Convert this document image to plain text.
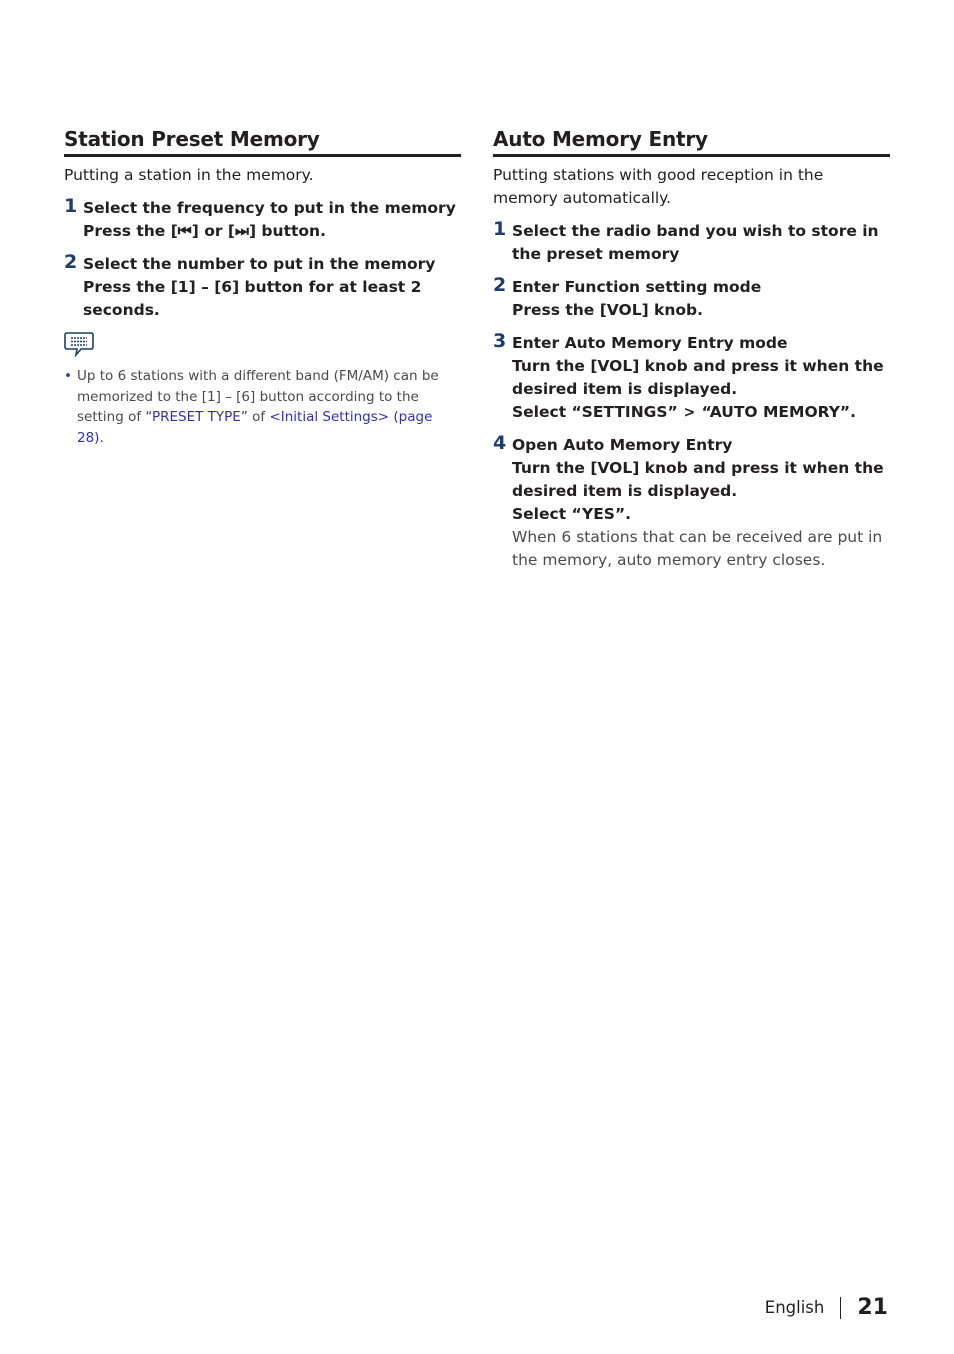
Station Preset Memory

Putting a station in the memory.

1 Select the frequency to put in the memory
Press the [⏮] or [⏭] button.
2 Select the number to put in the memory
Press the [1] – [6] button for at least 2 seconds.
• Up to 6 stations with a different band (FM/AM) can be memorized to the [1] – [6] button according to the setting of “PRESET TYPE” of <Initial Settings> (page 28).
Auto Memory Entry

Putting stations with good reception in the memory automatically.

1 Select the radio band you wish to store in the preset memory
2 Enter Function setting mode
Press the [VOL] knob.
3 Enter Auto Memory Entry mode
Turn the [VOL] knob and press it when the desired item is displayed.
Select “SETTINGS” > “AUTO MEMORY”.
4 Open Auto Memory Entry
Turn the [VOL] knob and press it when the desired item is displayed.
Select “YES”.
When 6 stations that can be received are put in the memory, auto memory entry closes.
English 21
